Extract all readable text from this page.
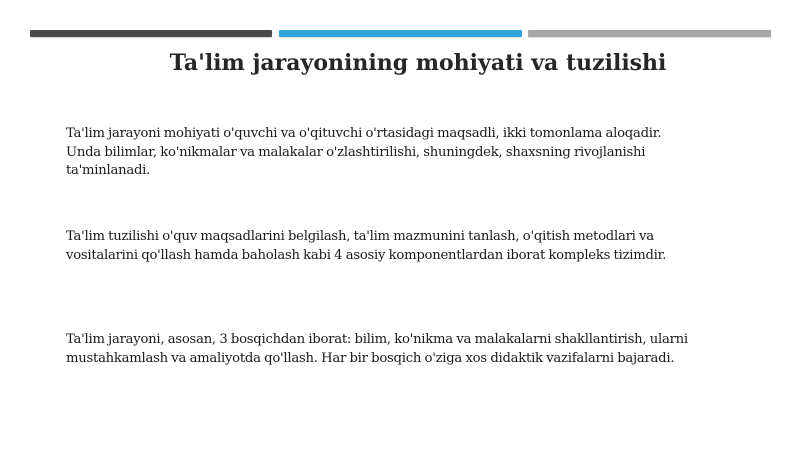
Ta'lim jarayonining mohiyati va tuzilishi

Ta'lim jarayoni mohiyati o'quvchi va o'qituvchi o'rtasidagi maqsadli, ikki tomonlama aloqadir.
Unda bilimlar, ko'nikmalar va malakalar o'zlashtirilishi, shuningdek, shaxsning rivojlanishi
ta'minlanadi.

Ta'lim tuzilishi o'quv maqsadlarini belgilash, ta'lim mazmunini tanlash, o'qitish metodlari va
vositalarini qo'llash hamda baholash kabi 4 asosiy komponentlardan iborat kompleks tizimdir.

Ta'lim jarayoni, asosan, 3 bosqichdan iborat: bilim, ko'nikma va malakalarni shakllantirish, ularni
mustahkamlash va amaliyotda qo'llash. Har bir bosqich o'ziga xos didaktik vazifalarni bajaradi.
